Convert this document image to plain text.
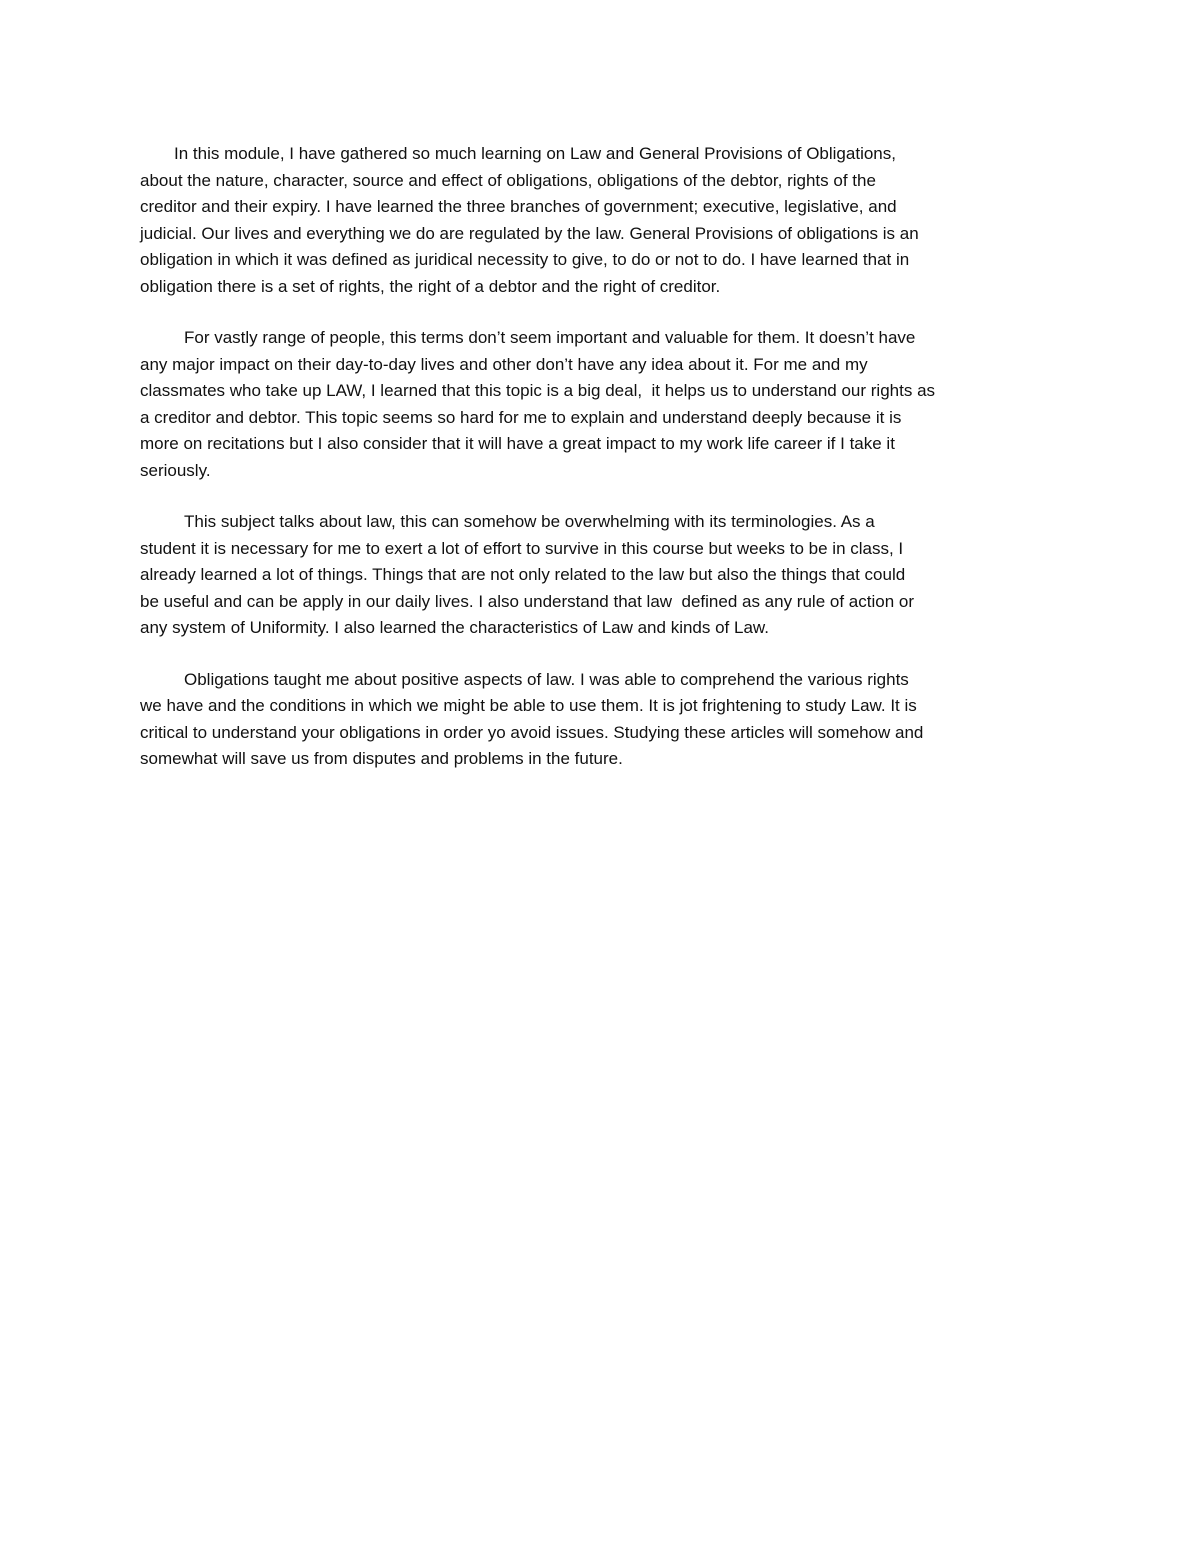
In this module, I have gathered so much learning on Law and General Provisions of Obligations,
about the nature, character, source and effect of obligations, obligations of the debtor, rights of the
creditor and their expiry. I have learned the three branches of government; executive, legislative, and
judicial. Our lives and everything we do are regulated by the law. General Provisions of obligations is an
obligation in which it was defined as juridical necessity to give, to do or not to do. I have learned that in
obligation there is a set of rights, the right of a debtor and the right of creditor.
For vastly range of people, this terms don’t seem important and valuable for them. It doesn’t have
any major impact on their day-to-day lives and other don’t have any idea about it. For me and my
classmates who take up LAW, I learned that this topic is a big deal,  it helps us to understand our rights as
a creditor and debtor. This topic seems so hard for me to explain and understand deeply because it is
more on recitations but I also consider that it will have a great impact to my work life career if I take it
seriously.
This subject talks about law, this can somehow be overwhelming with its terminologies. As a
student it is necessary for me to exert a lot of effort to survive in this course but weeks to be in class, I
already learned a lot of things. Things that are not only related to the law but also the things that could
be useful and can be apply in our daily lives. I also understand that law  defined as any rule of action or
any system of Uniformity. I also learned the characteristics of Law and kinds of Law.
Obligations taught me about positive aspects of law. I was able to comprehend the various rights
we have and the conditions in which we might be able to use them. It is jot frightening to study Law. It is
critical to understand your obligations in order yo avoid issues. Studying these articles will somehow and
somewhat will save us from disputes and problems in the future.
